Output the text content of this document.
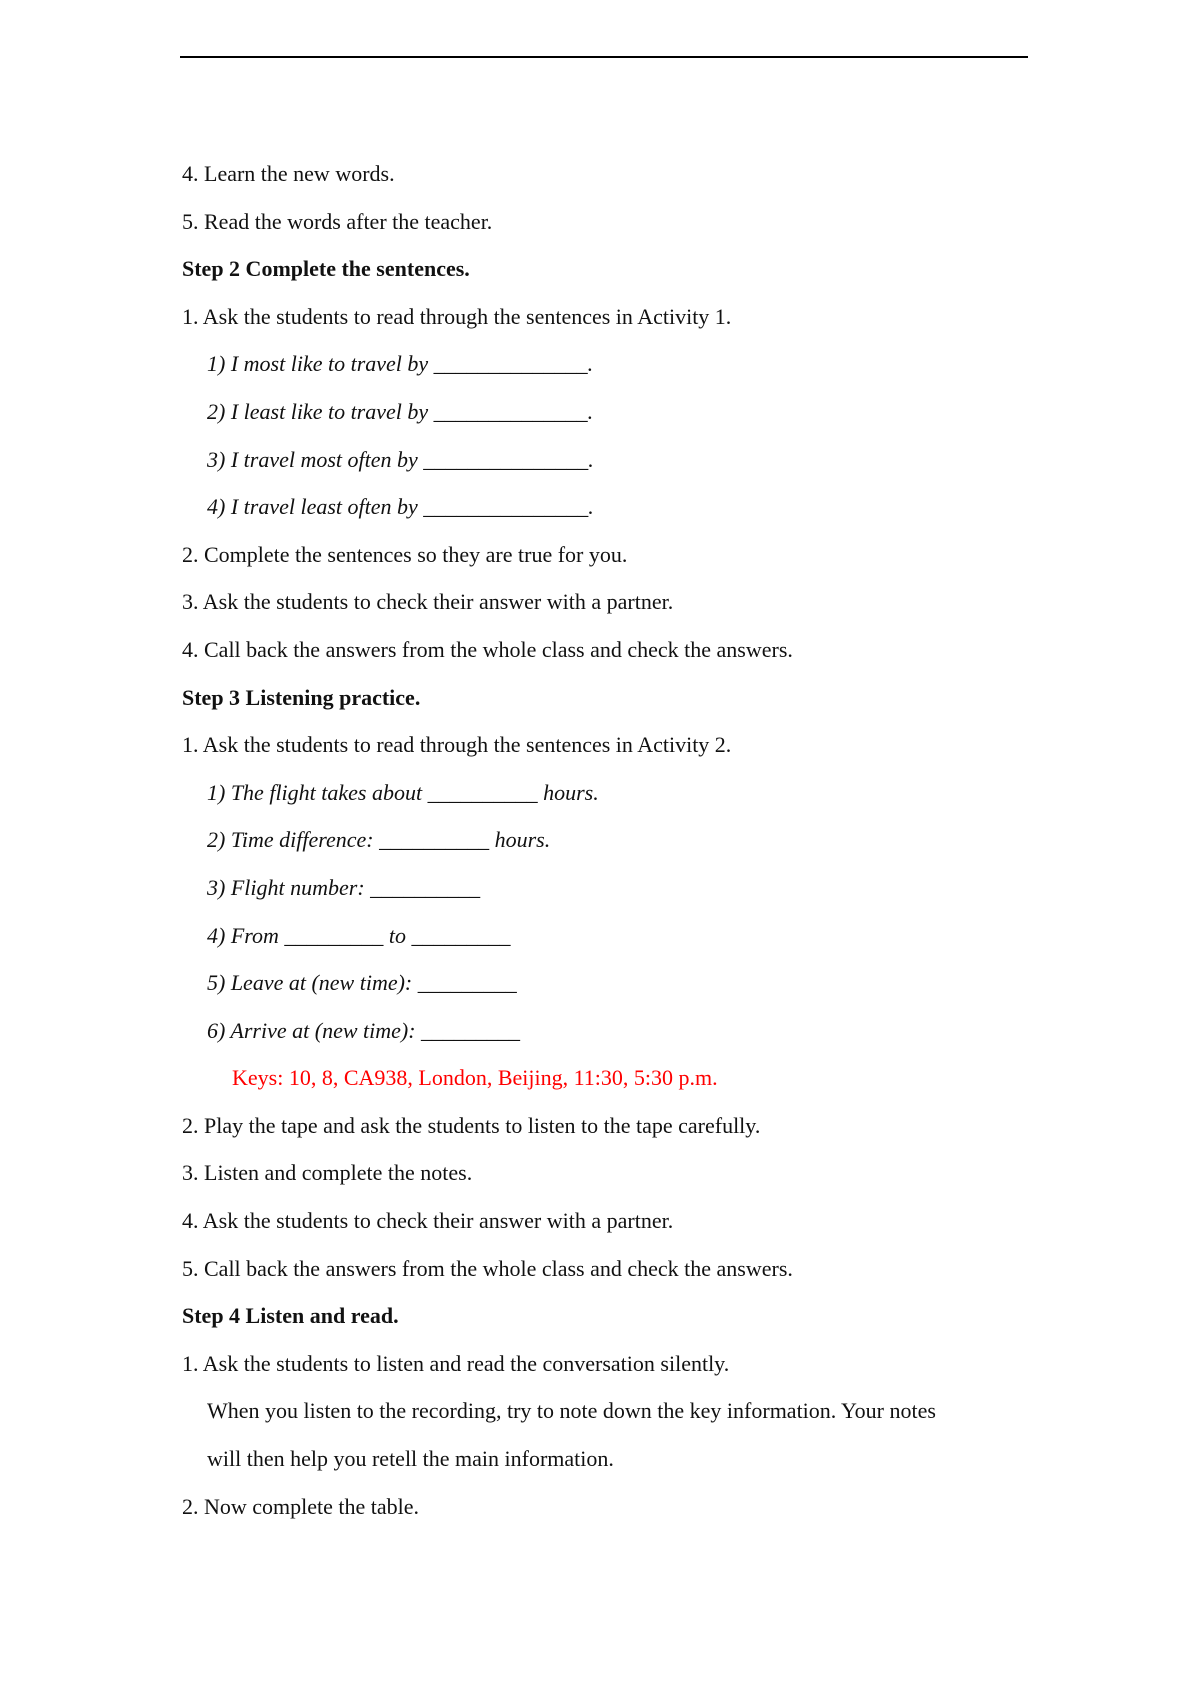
4. Learn the new words.
5. Read the words after the teacher.
Step 2 Complete the sentences.
1. Ask the students to read through the sentences in Activity 1.
1) I most like to travel by ______________.
2) I least like to travel by ______________.
3) I travel most often by _______________.
4) I travel least often by _______________.
2. Complete the sentences so they are true for you.
3. Ask the students to check their answer with a partner.
4. Call back the answers from the whole class and check the answers.
Step 3 Listening practice.
1. Ask the students to read through the sentences in Activity 2.
1) The flight takes about __________ hours.
2) Time difference: __________ hours.
3) Flight number: __________
4) From _________ to _________
5) Leave at (new time): _________
6) Arrive at (new time): _________
Keys: 10, 8, CA938, London, Beijing, 11:30, 5:30 p.m.
2. Play the tape and ask the students to listen to the tape carefully.
3. Listen and complete the notes.
4. Ask the students to check their answer with a partner.
5. Call back the answers from the whole class and check the answers.
Step 4 Listen and read.
1. Ask the students to listen and read the conversation silently.
When you listen to the recording, try to note down the key information. Your notes
will then help you retell the main information.
2. Now complete the table.
